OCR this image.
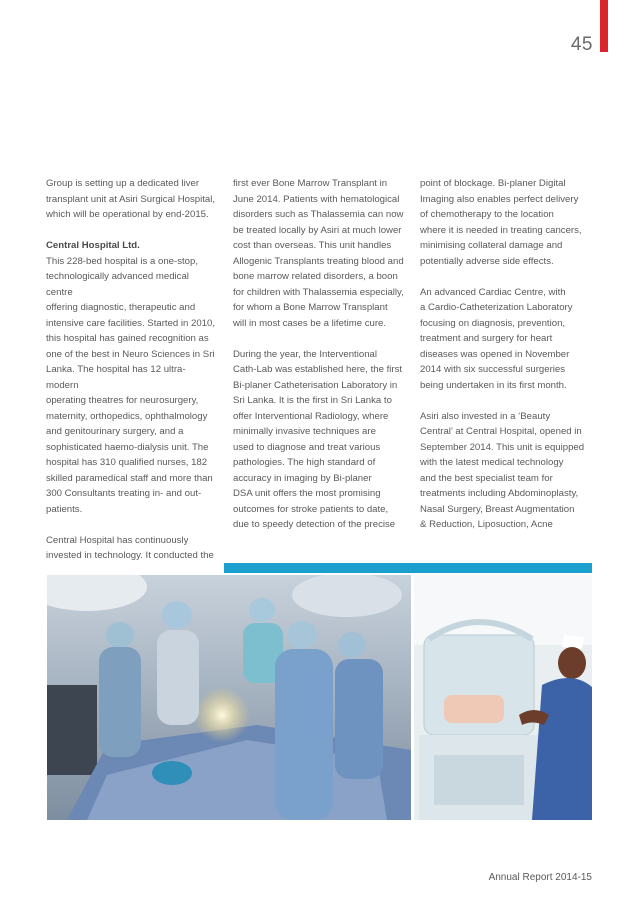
45

Group is setting up a dedicated liver

transplant unit at Asiri Surgical Hospital,

which will be operational by end-2015.

Central Hospital Ltd.

This 228-bed hospital is a one-stop,

technologically advanced medical centre

offering diagnostic, therapeutic and

intensive care facilities. Started in 2010,

this hospital has gained recognition as

one of the best in Neuro Sciences in Sri

Lanka. The hospital has 12 ultra-modern

operating theatres for neurosurgery,

maternity, orthopedics, ophthalmology

and genitourinary surgery, and a

sophisticated haemo-dialysis unit. The

hospital has 310 qualified nurses, 182

skilled paramedical staff and more than

300 Consultants treating in- and out-

patients.

Central Hospital has continuously

invested in technology. It conducted the

first ever Bone Marrow Transplant in

June 2014. Patients with hematological

disorders such as Thalassemia can now

be treated locally by Asiri at much lower

cost than overseas. This unit handles

Allogenic Transplants treating blood and

bone marrow related disorders, a boon

for children with Thalassemia especially,

for whom a Bone Marrow Transplant

will in most cases be a lifetime cure.

During the year, the Interventional

Cath-Lab was established here, the first

Bi-planer Catheterisation Laboratory in

Sri Lanka. It is the first in Sri Lanka to

offer Interventional Radiology, where

minimally invasive techniques are

used to diagnose and treat various

pathologies. The high standard of

accuracy in imaging by Bi-planer

DSA unit offers the most promising

outcomes for stroke patients to date,

due to speedy detection of the precise

point of blockage. Bi-planer Digital

Imaging also enables perfect delivery

of chemotherapy to the location

where it is needed in treating cancers,

minimising collateral damage and

potentially adverse side effects.

An advanced Cardiac Centre, with

a Cardio-Catheterization Laboratory

focusing on diagnosis, prevention,

treatment and surgery for heart

diseases was opened in November

2014 with six successful surgeries

being undertaken in its first month.

Asiri also invested in a ‘Beauty

Central’ at Central Hospital, opened in

September 2014. This unit is equipped

with the latest medical technology

and the best specialist team for

treatments including Abdominoplasty,

Nasal Surgery, Breast Augmentation

& Reduction, Liposuction, Acne

Annual Report 2014-15
